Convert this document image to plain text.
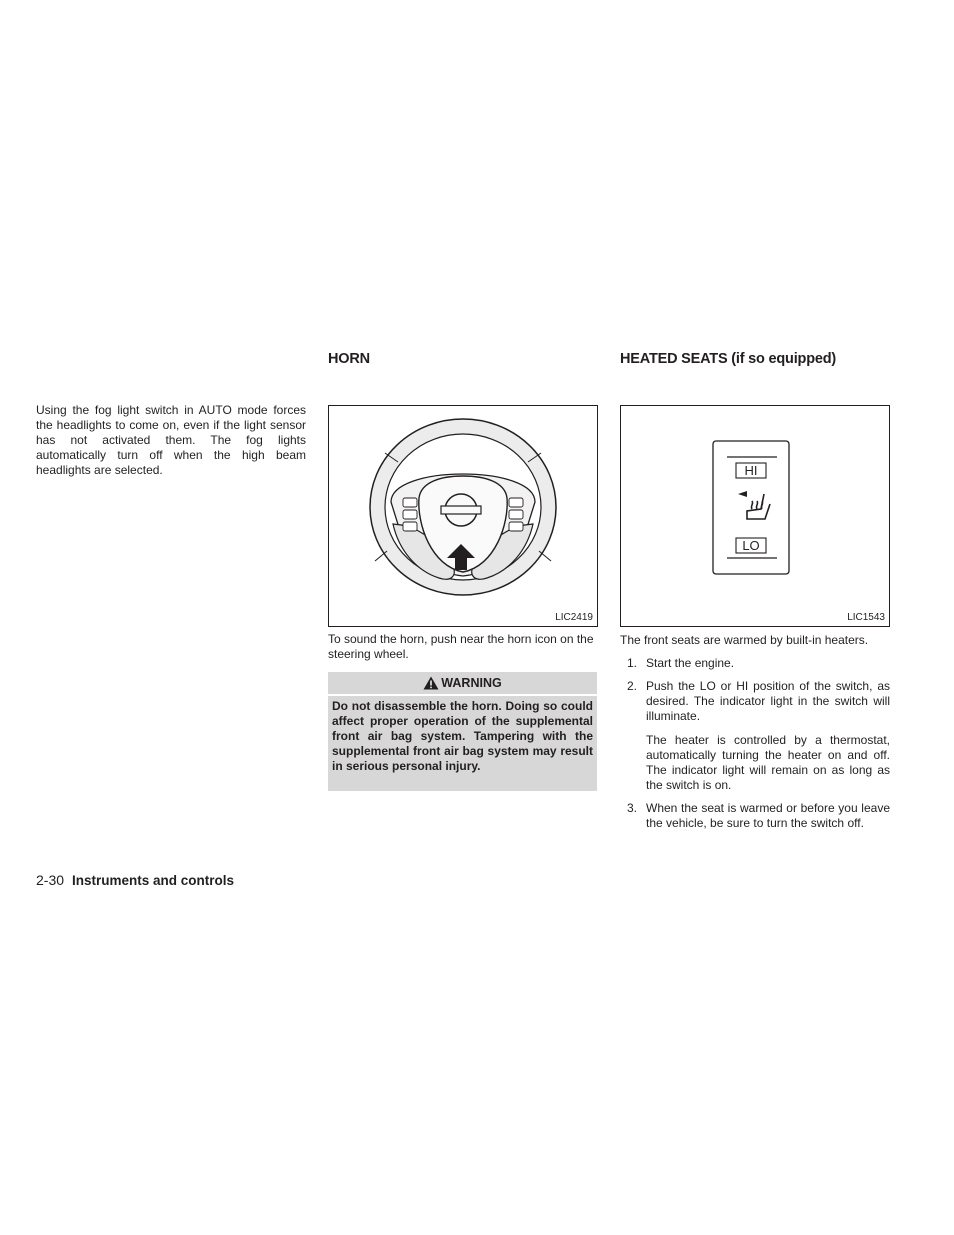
Using the fog light switch in AUTO mode forces the headlights to come on, even if the light sensor has not activated them. The fog lights automatically turn off when the high beam headlights are selected.
HORN
LIC2419
To sound the horn, push near the horn icon on the steering wheel.
WARNING
Do not disassemble the horn. Doing so could affect proper operation of the supplemental front air bag system. Tampering with the supplemental front air bag system may result in serious personal injury.
HEATED SEATS (if so equipped)
HI
LO
LIC1543
The front seats are warmed by built-in heaters.
1. Start the engine.

2. Push the LO or HI position of the switch, as desired. The indicator light in the switch will illuminate.

The heater is controlled by a thermostat, automatically turning the heater on and off. The indicator light will remain on as long as the switch is on.

3. When the seat is warmed or before you leave the vehicle, be sure to turn the switch off.

2-30 Instruments and controls
